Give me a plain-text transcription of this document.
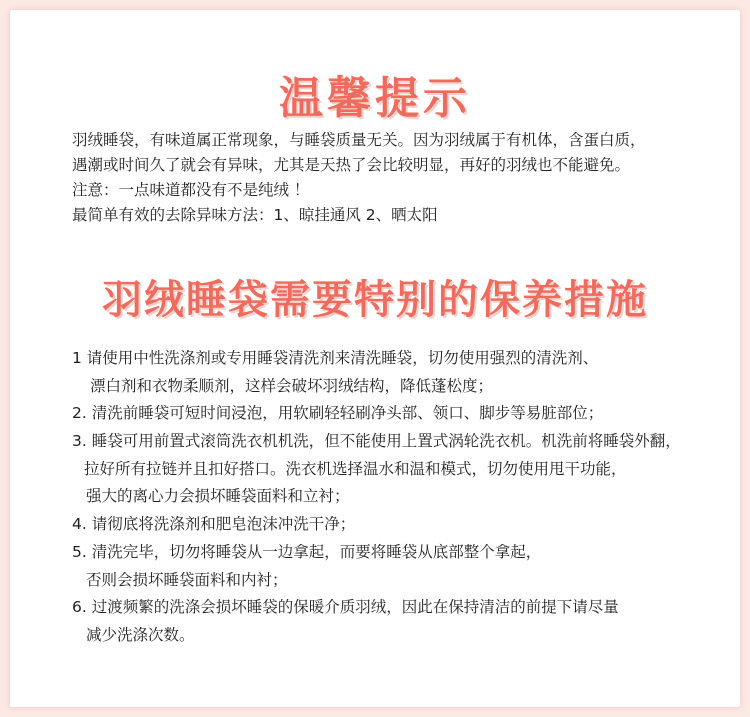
温馨提示
羽绒睡袋，有味道属正常现象，与睡袋质量无关。因为羽绒属于有机体，含蛋白质，
遇潮或时间久了就会有异味，尤其是天热了会比较明显，再好的羽绒也不能避免。
注意：一点味道都没有不是纯绒 ！
最简单有效的去除异味方法：1、晾挂通风 2、晒太阳
羽绒睡袋需要特别的保养措施
1 请使用中性洗涤剂或专用睡袋清洗剂来清洗睡袋，切勿使用强烈的清洗剂、
漂白剂和衣物柔顺剂，这样会破坏羽绒结构，降低蓬松度；
2. 清洗前睡袋可短时间浸泡，用软刷轻轻刷净头部、领口、脚步等易脏部位；
3. 睡袋可用前置式滚筒洗衣机机洗，但不能使用上置式涡轮洗衣机。机洗前将睡袋外翻，
拉好所有拉链并且扣好搭口。洗衣机选择温水和温和模式，切勿使用甩干功能，
强大的离心力会损坏睡袋面料和立衬；
4. 请彻底将洗涤剂和肥皂泡沫冲洗干净；
5. 清洗完毕，切勿将睡袋从一边拿起，而要将睡袋从底部整个拿起，
否则会损坏睡袋面料和内衬；
6. 过渡频繁的洗涤会损坏睡袋的保暖介质羽绒，因此在保持清洁的前提下请尽量
减少洗涤次数。
